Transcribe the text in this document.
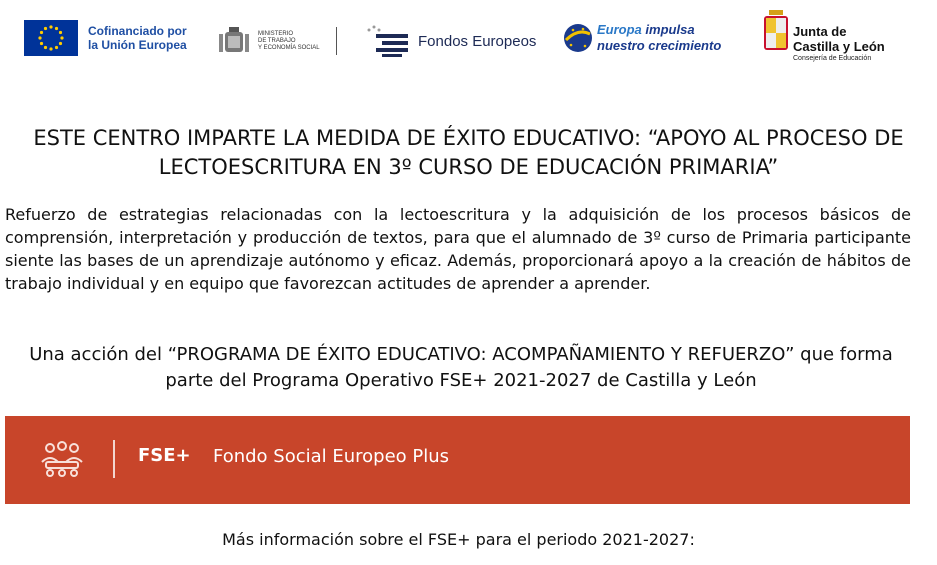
Cofinanciado por
la Unión Europea
MINISTERIO
DE TRABAJO
Y ECONOMÍA SOCIAL	Fondos Europeos
Europa impulsa
nuestro crecimiento
Junta de
Castilla y León
Consejería de Educación
ESTE CENTRO IMPARTE LA MEDIDA DE ÉXITO EDUCATIVO: “APOYO AL PROCESO DE LECTOESCRITURA EN 3º CURSO DE EDUCACIÓN PRIMARIA”
Refuerzo de estrategias relacionadas con la lectoescritura y la adquisición de los procesos básicos de comprensión, interpretación y producción de textos, para que el alumnado de 3º curso de Primaria participante siente las bases de un aprendizaje autónomo y eficaz. Además, proporcionará apoyo a la creación de hábitos de trabajo individual y en equipo que favorezcan actitudes de aprender a aprender.
Una acción del “PROGRAMA DE ÉXITO EDUCATIVO: ACOMPAÑAMIENTO Y REFUERZO” que forma parte del Programa Operativo FSE+ 2021-2027 de Castilla y León
FSE+ Fondo Social Europeo Plus
Más información sobre el FSE+ para el periodo 2021-2027:
